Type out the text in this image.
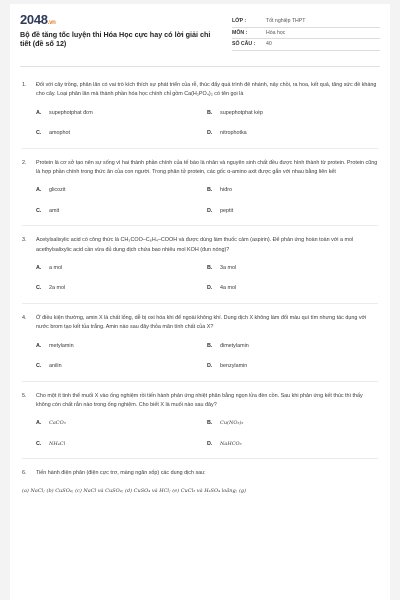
2048.vn
Bộ đề tăng tốc luyện thi Hóa Học cực hay có lời giải chi tiết (đề số 12)
LỚP :	Tốt nghiệp THPT
MÔN :	Hóa học
SỐ CÂU :	40
1.	Đối với cây trồng, phân lân có vai trò kích thích sự phát triển của rễ, thúc đẩy quá trình đẻ nhánh, nảy chồi, ra hoa, kết quả, tăng sức đề kháng cho cây. Loại phân lân mà thành phần hóa học chính chỉ gồm Ca(H₂PO₄)₂ có tên gọi là
A.	supephotphat đơn	B.	supephotphat kép
C.	amophot	D.	nitrophotka
2.	Protein là cơ sở tạo nên sự sống vì hai thành phần chính của tế bào là nhân và nguyên sinh chất đều được hình thành từ protein. Protein cũng là hợp phần chính trong thức ăn của con người. Trong phân tử protein, các gốc α-amino axit được gắn với nhau bằng liên kết
A.	glicozit	B.	hiđro
C.	amit	D.	peptit
3.	Acetylsalixylic acid có công thức là CH₃COO–C₆H₄–COOH và được dùng làm thuốc cảm (aspirin). Để phản ứng hoàn toàn với a mol acethylsalixylic acid cần vừa đủ dung dịch chứa bao nhiêu mol KOH (đun nóng)?
A.	a mol	B.	3a mol
C.	2a mol	D.	4a mol
4.	Ở điều kiện thường, amin X là chất lỏng, dễ bị oxi hóa khi để ngoài không khí. Dung dịch X không làm đổi màu quì tím nhưng tác dụng với nước brom tạo kết tủa trắng. Amin nào sau đây thỏa mãn tính chất của X?
A.	metylamin	B.	đimetylamin
C.	anilin	D.	benzylamin
5.	Cho một ít tinh thể muối X vào ống nghiệm rồi tiến hành phản ứng nhiệt phân bằng ngọn lửa đèn cồn. Sau khi phản ứng kết thúc thì thấy không còn chất rắn nào trong ống nghiệm. Cho biết X là muối nào sau đây?
A.	CaCO₃	B.	Cu(NO₃)₂
C.	NH₄Cl	D.	NaHCO₃
6.	Tiến hành điện phân (điện cực trơ, màng ngăn xốp) các dung dịch sau:
(a) NaCl; (b) CuSO₄; (c) NaCl và CuSO₄; (d) CuSO₄ và HCl; (e) CuCl₂ và H₂SO₄ loãng; (g)
